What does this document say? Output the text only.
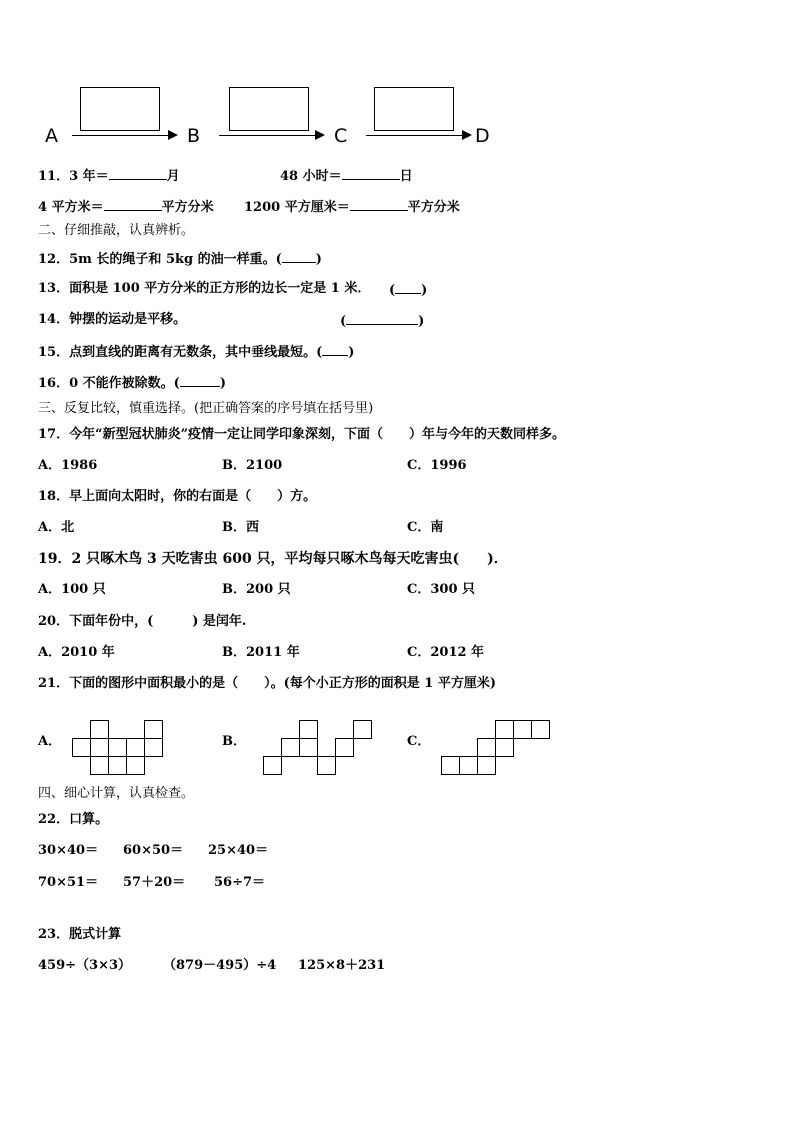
A	B	C	D
11．3 年＝	月	48 小时＝	日
4 平方米＝	平方分米 1200 平方厘米＝	平方分米
二、仔细推敲，认真辨析。
12．5m 长的绳子和 5kg 的油一样重。(	)
13．面积是 100 平方分米的正方形的边长一定是 1 米． ( )
14．钟摆的运动是平移。	(	)
15．点到直线的距离有无数条，其中垂线最短。( )
16．0 不能作被除数。(	)
三、反复比较，慎重选择。(把正确答案的序号填在括号里)
17．今年“新型冠状肺炎”疫情一定让同学印象深刻，下面（　　）年与今年的天数同样多。
A．1986	B．2100	C．1996
18．早上面向太阳时，你的右面是（　　）方。
A．北	B．西	C．南
19．2 只啄木鸟 3 天吃害虫 600 只，平均每只啄木鸟每天吃害虫(　　)．
A．100 只	B．200 只	C．300 只
20．下面年份中，(　　　) 是闰年.
A．2010 年	B．2011 年	C．2012 年
21．下面的图形中面积最小的是（　　）。(每个小正方形的面积是 1 平方厘米)
A．	B．	C．
四、细心计算，认真检查。
22．口算。
30×40＝ 60×50＝ 25×40＝
70×51＝ 57＋20＝ 56÷7＝
23．脱式计算
459÷（3×3） （879－495）÷4 125×8＋231
